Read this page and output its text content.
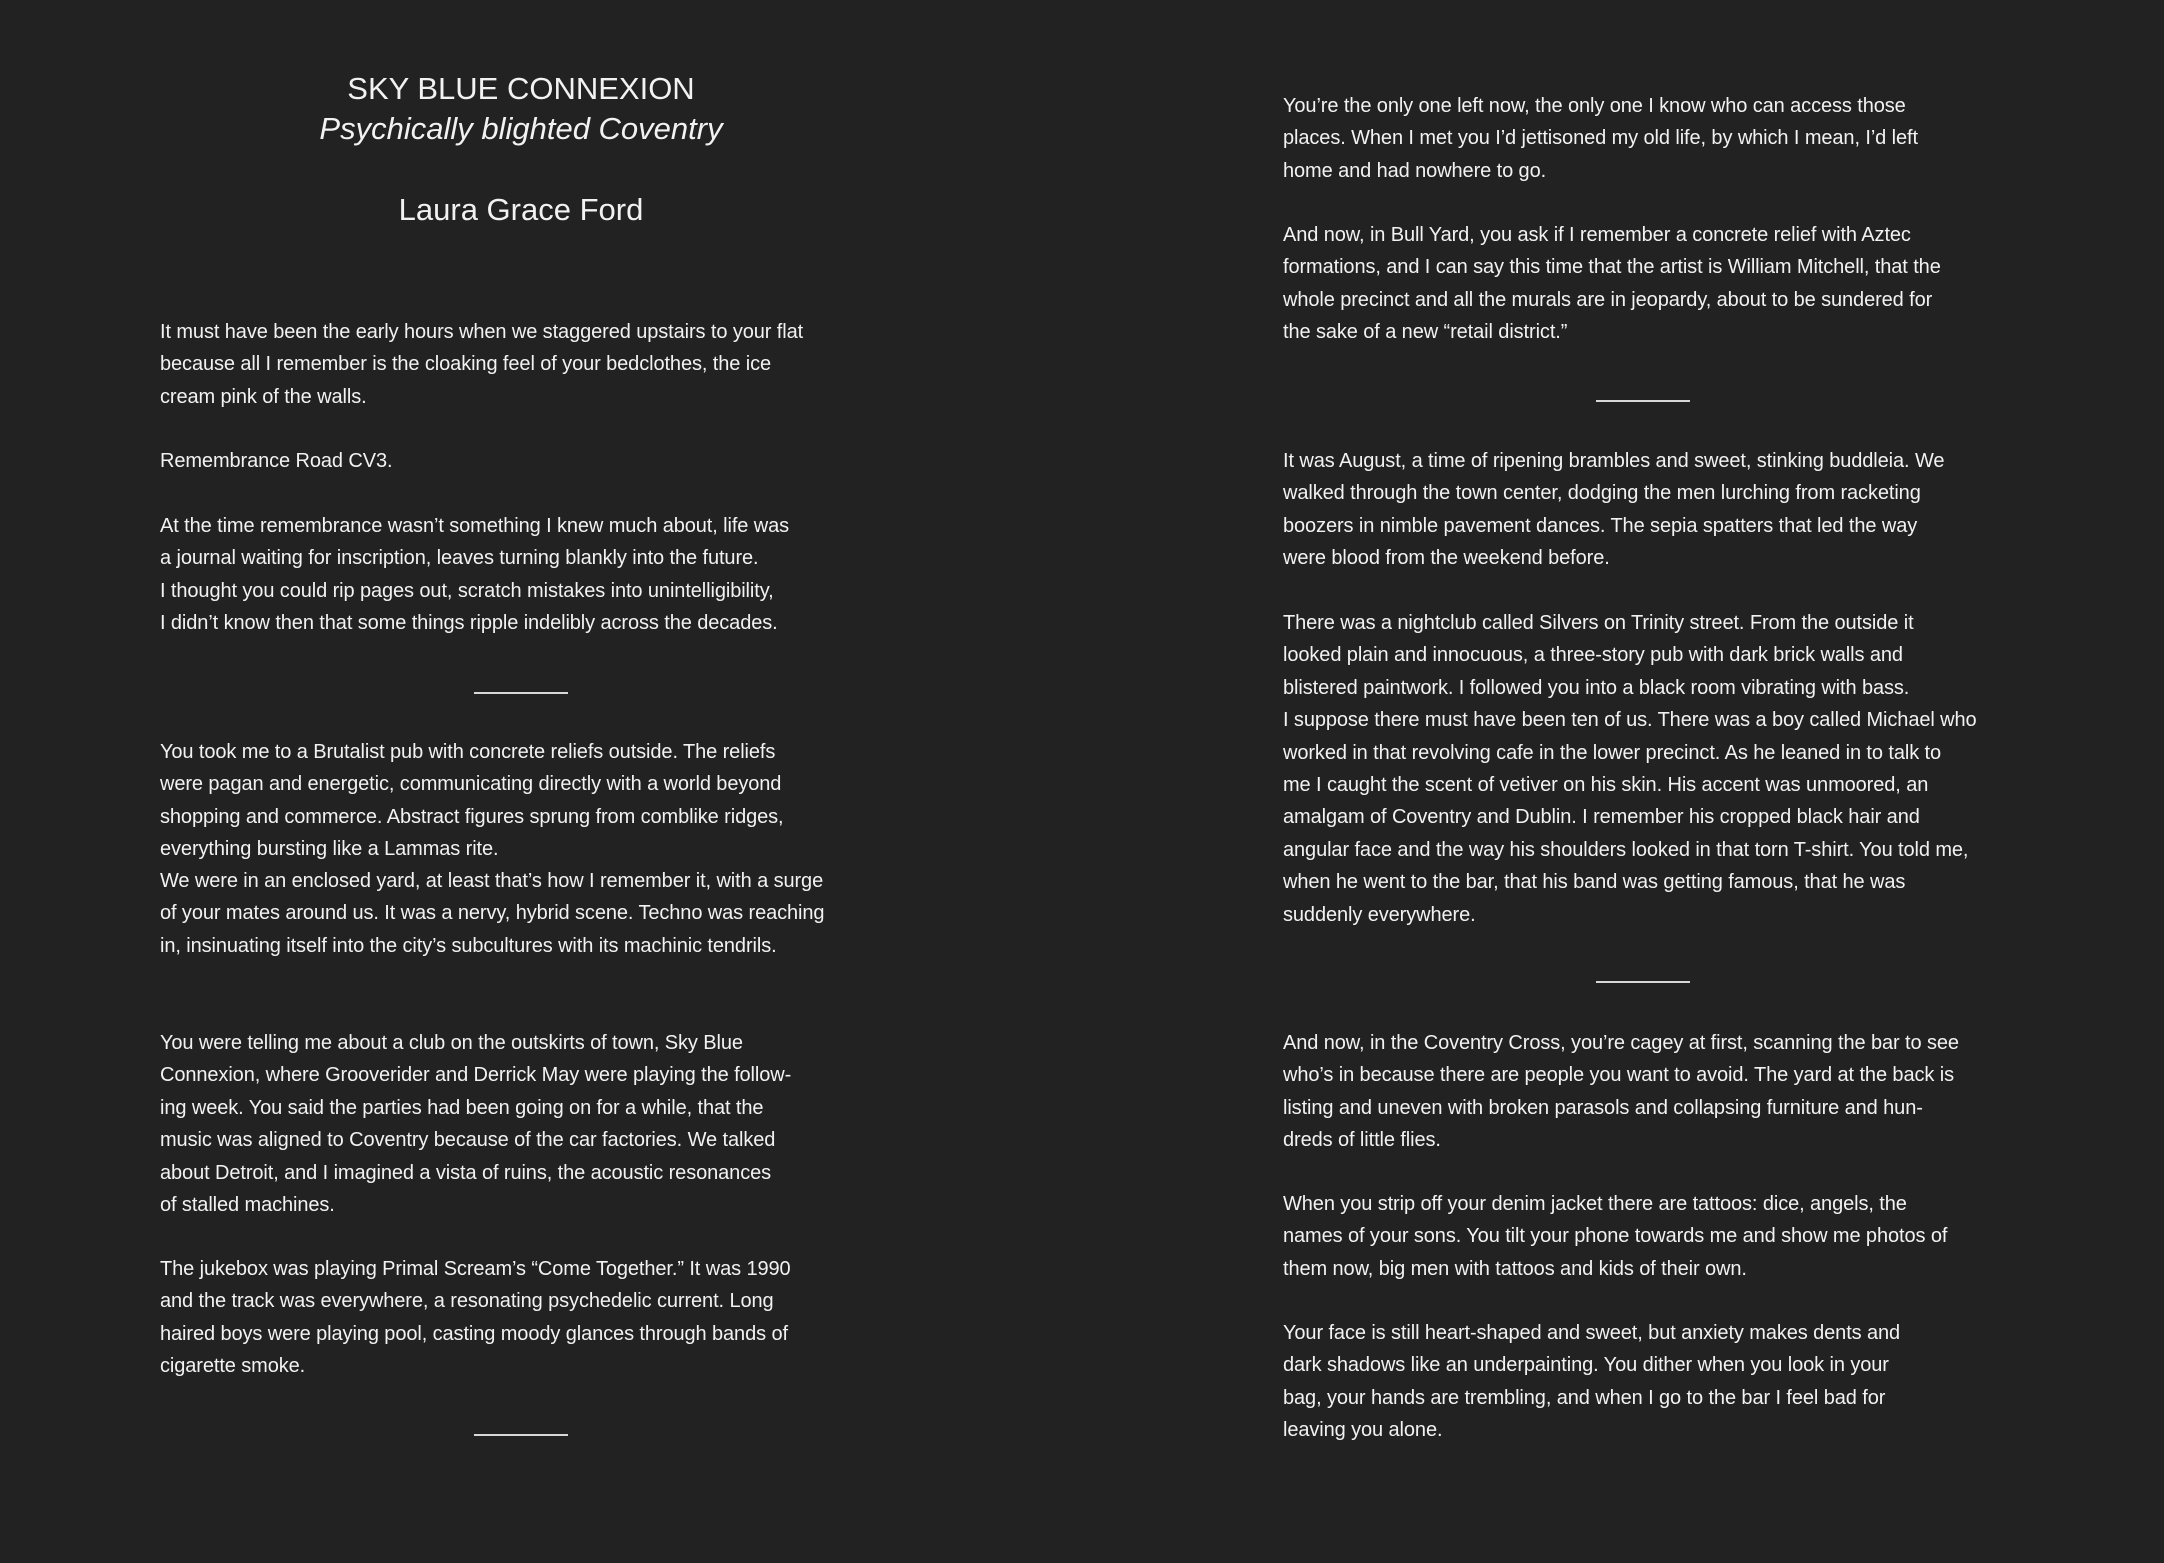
SKY BLUE CONNEXION
Psychically blighted Coventry
Laura Grace Ford
It must have been the early hours when we staggered upstairs to your flat
because all I remember is the cloaking feel of your bedclothes, the ice
cream pink of the walls.
Remembrance Road CV3.
At the time remembrance wasn’t something I knew much about, life was
a journal waiting for inscription, leaves turning blankly into the future.
I thought you could rip pages out, scratch mistakes into unintelligibility,
I didn’t know then that some things ripple indelibly across the decades.
You took me to a Brutalist pub with concrete reliefs outside. The reliefs
were pagan and energetic, communicating directly with a world beyond
shopping and commerce. Abstract figures sprung from comblike ridges,
everything bursting like a Lammas rite.
We were in an enclosed yard, at least that’s how I remember it, with a surge
of your mates around us. It was a nervy, hybrid scene. Techno was reaching
in, insinuating itself into the city’s subcultures with its machinic tendrils.
You were telling me about a club on the outskirts of town, Sky Blue
Connexion, where Grooverider and Derrick May were playing the follow-
ing week. You said the parties had been going on for a while, that the
music was aligned to Coventry because of the car factories. We talked
about Detroit, and I imagined a vista of ruins, the acoustic resonances
of stalled machines.
The jukebox was playing Primal Scream’s “Come Together.” It was 1990
and the track was everywhere, a resonating psychedelic current. Long
haired boys were playing pool, casting moody glances through bands of
cigarette smoke.
You’re the only one left now, the only one I know who can access those
places. When I met you I’d jettisoned my old life, by which I mean, I’d left
home and had nowhere to go.
And now, in Bull Yard, you ask if I remember a concrete relief with Aztec
formations, and I can say this time that the artist is William Mitchell, that the
whole precinct and all the murals are in jeopardy, about to be sundered for
the sake of a new “retail district.”
It was August, a time of ripening brambles and sweet, stinking buddleia. We
walked through the town center, dodging the men lurching from racketing
boozers in nimble pavement dances. The sepia spatters that led the way
were blood from the weekend before.
There was a nightclub called Silvers on Trinity street. From the outside it
looked plain and innocuous, a three-story pub with dark brick walls and
blistered paintwork. I followed you into a black room vibrating with bass.
I suppose there must have been ten of us. There was a boy called Michael who
worked in that revolving cafe in the lower precinct. As he leaned in to talk to
me I caught the scent of vetiver on his skin. His accent was unmoored, an
amalgam of Coventry and Dublin. I remember his cropped black hair and
angular face and the way his shoulders looked in that torn T-shirt. You told me,
when he went to the bar, that his band was getting famous, that he was
suddenly everywhere.
And now, in the Coventry Cross, you’re cagey at first, scanning the bar to see
who’s in because there are people you want to avoid. The yard at the back is
listing and uneven with broken parasols and collapsing furniture and hun-
dreds of little flies.
When you strip off your denim jacket there are tattoos: dice, angels, the
names of your sons. You tilt your phone towards me and show me photos of
them now, big men with tattoos and kids of their own.
Your face is still heart-shaped and sweet, but anxiety makes dents and
dark shadows like an underpainting. You dither when you look in your
bag, your hands are trembling, and when I go to the bar I feel bad for
leaving you alone.
